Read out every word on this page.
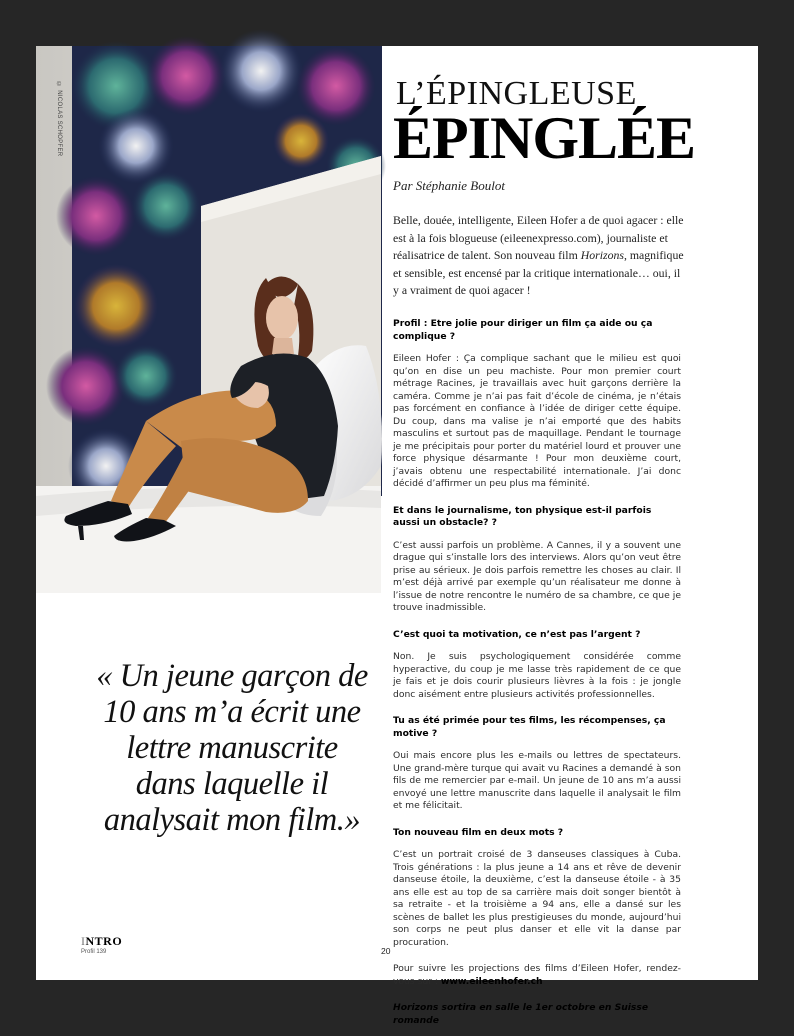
© NICOLAS SCHOPFER
« Un jeune garçon de 10 ans m’a écrit une lettre manuscrite dans laquelle il analysait mon film.»
L’ÉPINGLEUSE
ÉPINGLÉE
Par Stéphanie Boulot
Belle, douée, intelligente, Eileen Hofer a de quoi agacer : elle est à la fois blogueuse (eileenexpresso.com), journaliste et réalisatrice de talent. Son nouveau film Horizons, magnifique et sensible, est encensé par la critique internationale… oui, il y a vraiment de quoi agacer !

Profil : Etre jolie pour diriger un film ça aide ou ça complique ?

Eileen Hofer : Ça complique sachant que le milieu est quoi qu’on en dise un peu machiste. Pour mon premier court métrage Racines, je travaillais avec huit garçons derrière la caméra. Comme je n’ai pas fait d’école de cinéma, je n’étais pas forcément en confiance à l’idée de diriger cette équipe. Du coup, dans ma valise je n’ai emporté que des habits masculins et surtout pas de maquillage. Pendant le tournage je me précipitais pour porter du matériel lourd et prouver une force physique désarmante ! Pour mon deuxième court, j’avais obtenu une respectabilité internationale. J’ai donc décidé d’affirmer un peu plus ma féminité.

Et dans le journalisme, ton physique est-il parfois aussi un obstacle? ?

C’est aussi parfois un problème. A Cannes, il y a souvent une drague qui s’installe lors des interviews. Alors qu’on veut être prise au sérieux. Je dois parfois remettre les choses au clair. Il m’est déjà arrivé par exemple qu’un réalisateur me donne à l’issue de notre rencontre le numéro de sa chambre, ce que je trouve inadmissible.

C’est quoi ta motivation, ce n’est pas l’argent ?

Non. Je suis psychologiquement considérée comme hyperactive, du coup je me lasse très rapidement de ce que je fais et je dois courir plusieurs lièvres à la fois : je jongle donc aisément entre plusieurs activités professionnelles.

Tu as été primée pour tes films, les récompenses, ça motive ?

Oui mais encore plus les e-mails ou lettres de spectateurs. Une grand-mère turque qui avait vu Racines a demandé à son fils de me remercier par e-mail. Un jeune de 10 ans m’a aussi envoyé une lettre manuscrite dans laquelle il analysait le film et me félicitait.

Ton nouveau film en deux mots ?

C’est un portrait croisé de 3 danseuses classiques à Cuba. Trois générations : la plus jeune a 14 ans et rêve de devenir danseuse étoile, la deuxième, c’est la danseuse étoile - à 35 ans elle est au top de sa carrière mais doit songer bientôt à sa retraite - et la troisième a 94 ans, elle a dansé sur les scènes de ballet les plus prestigieuses du monde, aujourd’hui son corps ne peut plus danser et elle vit la danse par procuration.

Pour suivre les projections des films d’Eileen Hofer, rendez-vous sur : www.eileenhofer.ch

Horizons sortira en salle le 1er octobre en Suisse romande

INTRO
Profil 139	20
